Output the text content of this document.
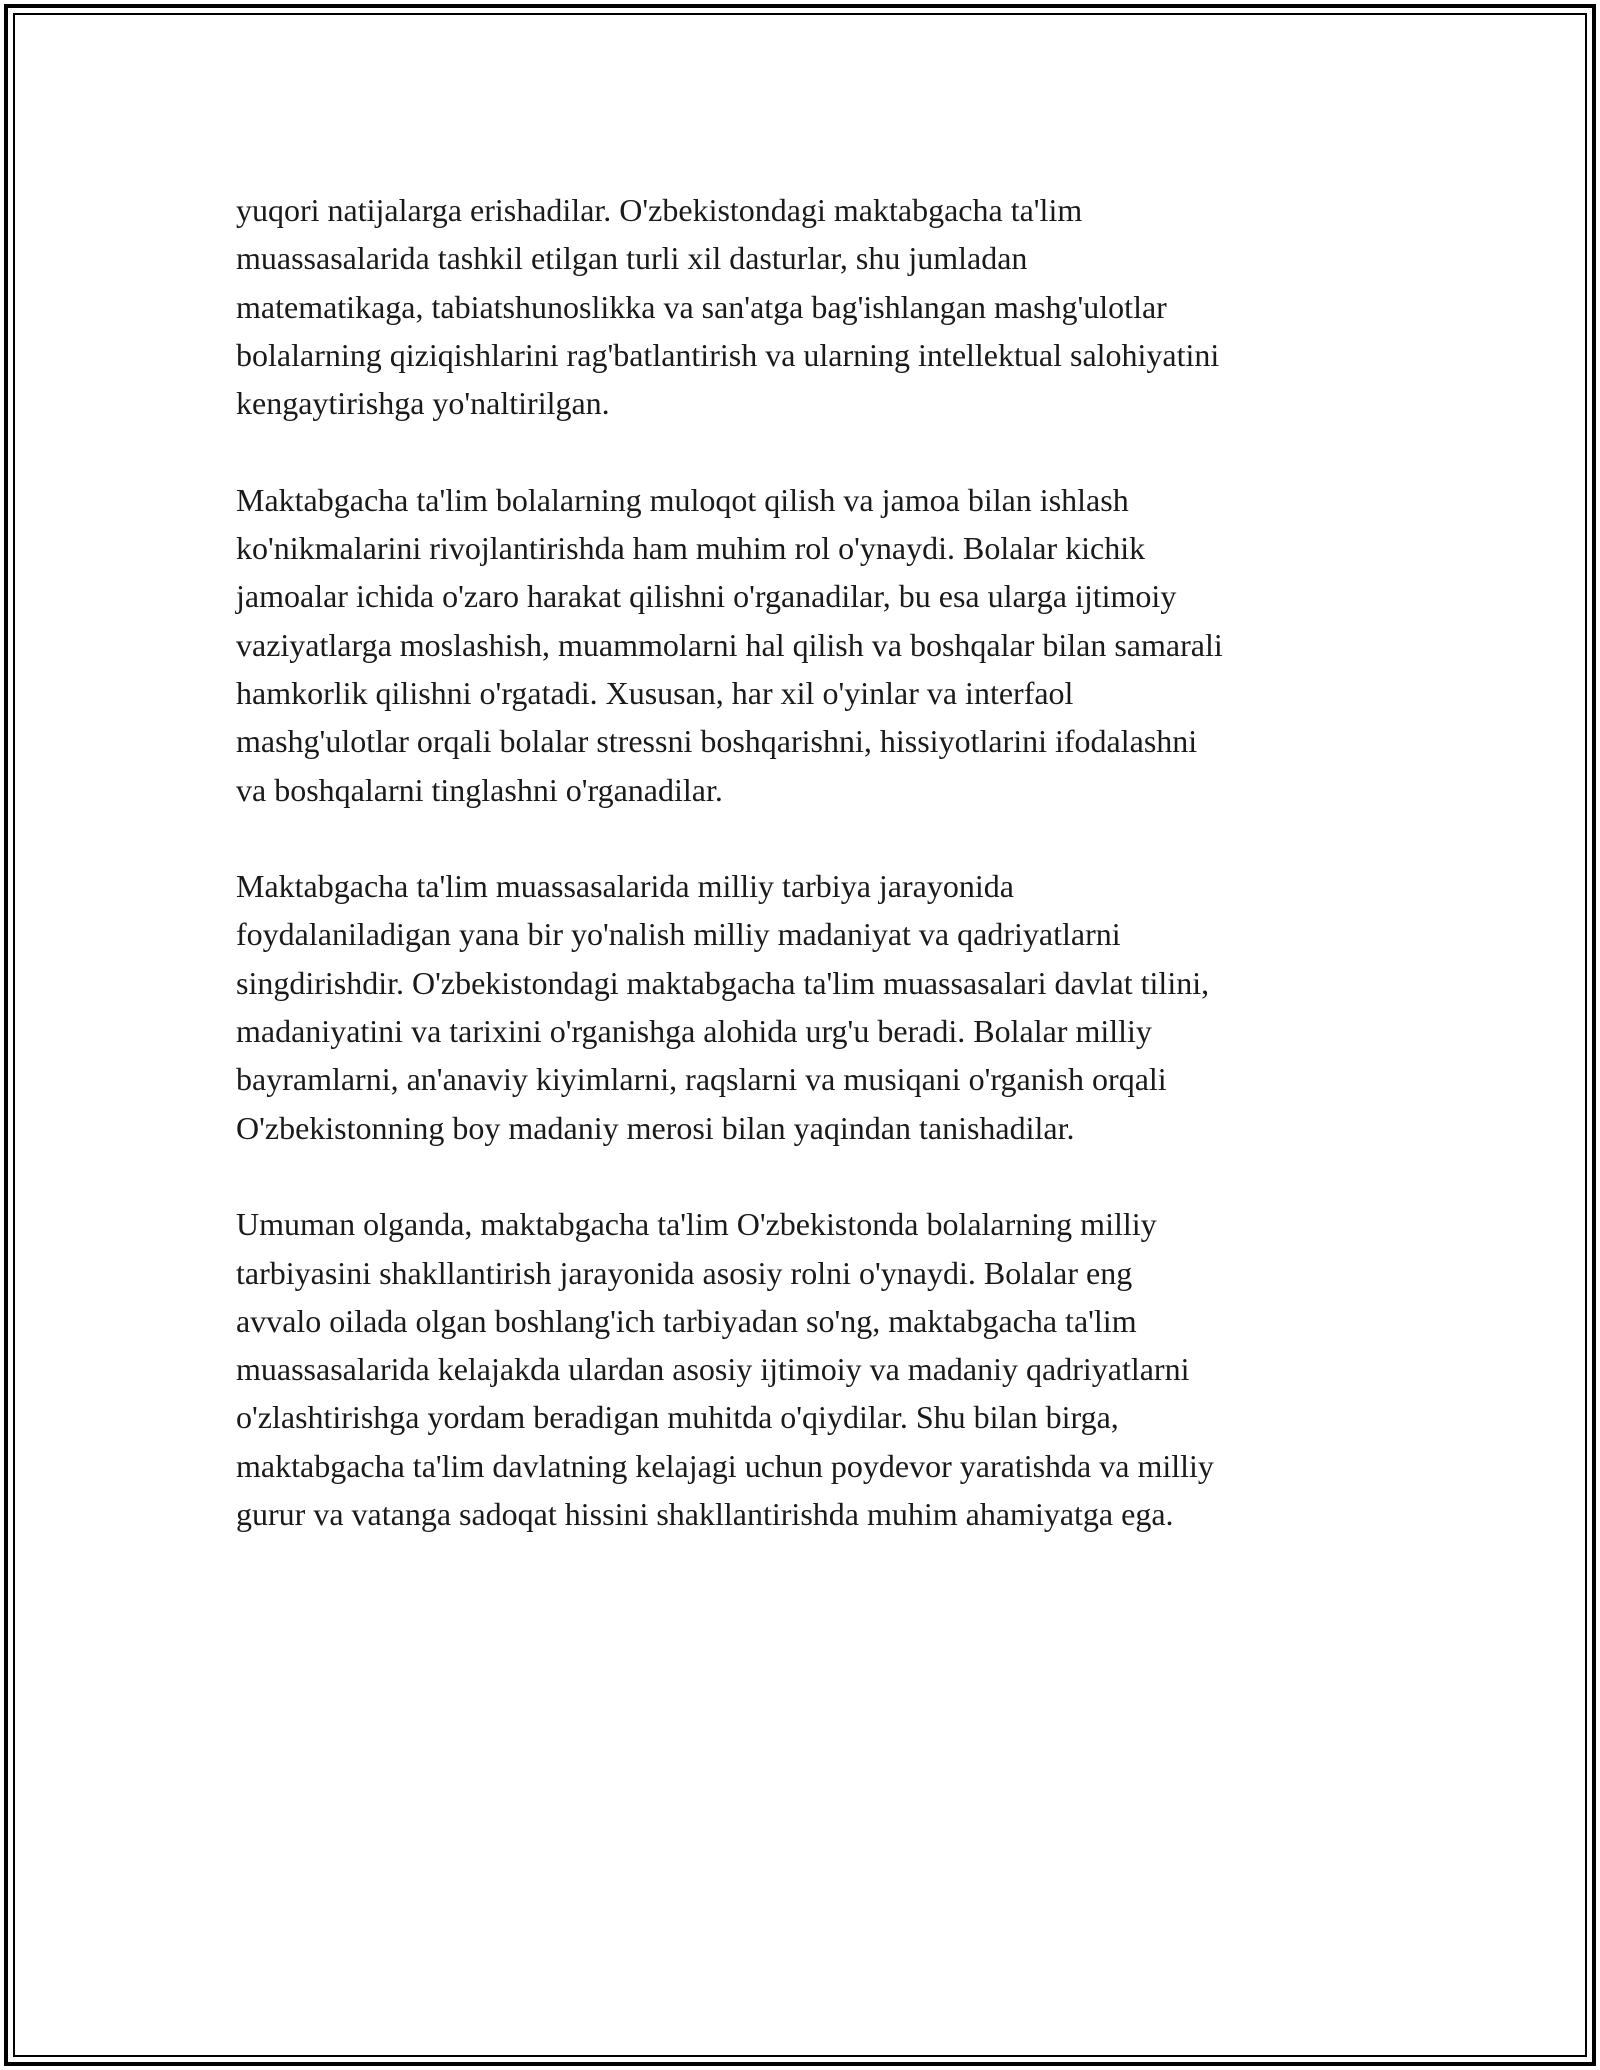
yuqori natijalarga erishadilar. O'zbekistondagi maktabgacha ta'lim
muassasalarida tashkil etilgan turli xil dasturlar, shu jumladan
matematikaga, tabiatshunoslikka va san'atga bag'ishlangan mashg'ulotlar
bolalarning qiziqishlarini rag'batlantirish va ularning intellektual salohiyatini
kengaytirishga yo'naltirilgan.

Maktabgacha ta'lim bolalarning muloqot qilish va jamoa bilan ishlash
ko'nikmalarini rivojlantirishda ham muhim rol o'ynaydi. Bolalar kichik
jamoalar ichida o'zaro harakat qilishni o'rganadilar, bu esa ularga ijtimoiy
vaziyatlarga moslashish, muammolarni hal qilish va boshqalar bilan samarali
hamkorlik qilishni o'rgatadi. Xususan, har xil o'yinlar va interfaol
mashg'ulotlar orqali bolalar stressni boshqarishni, hissiyotlarini ifodalashni
va boshqalarni tinglashni o'rganadilar.

Maktabgacha ta'lim muassasalarida milliy tarbiya jarayonida
foydalaniladigan yana bir yo'nalish milliy madaniyat va qadriyatlarni
singdirishdir. O'zbekistondagi maktabgacha ta'lim muassasalari davlat tilini,
madaniyatini va tarixini o'rganishga alohida urg'u beradi. Bolalar milliy
bayramlarni, an'anaviy kiyimlarni, raqslarni va musiqani o'rganish orqali
O'zbekistonning boy madaniy merosi bilan yaqindan tanishadilar.

Umuman olganda, maktabgacha ta'lim O'zbekistonda bolalarning milliy
tarbiyasini shakllantirish jarayonida asosiy rolni o'ynaydi. Bolalar eng
avvalo oilada olgan boshlang'ich tarbiyadan so'ng, maktabgacha ta'lim
muassasalarida kelajakda ulardan asosiy ijtimoiy va madaniy qadriyatlarni
o'zlashtirishga yordam beradigan muhitda o'qiydilar. Shu bilan birga,
maktabgacha ta'lim davlatning kelajagi uchun poydevor yaratishda va milliy
gurur va vatanga sadoqat hissini shakllantirishda muhim ahamiyatga ega.
